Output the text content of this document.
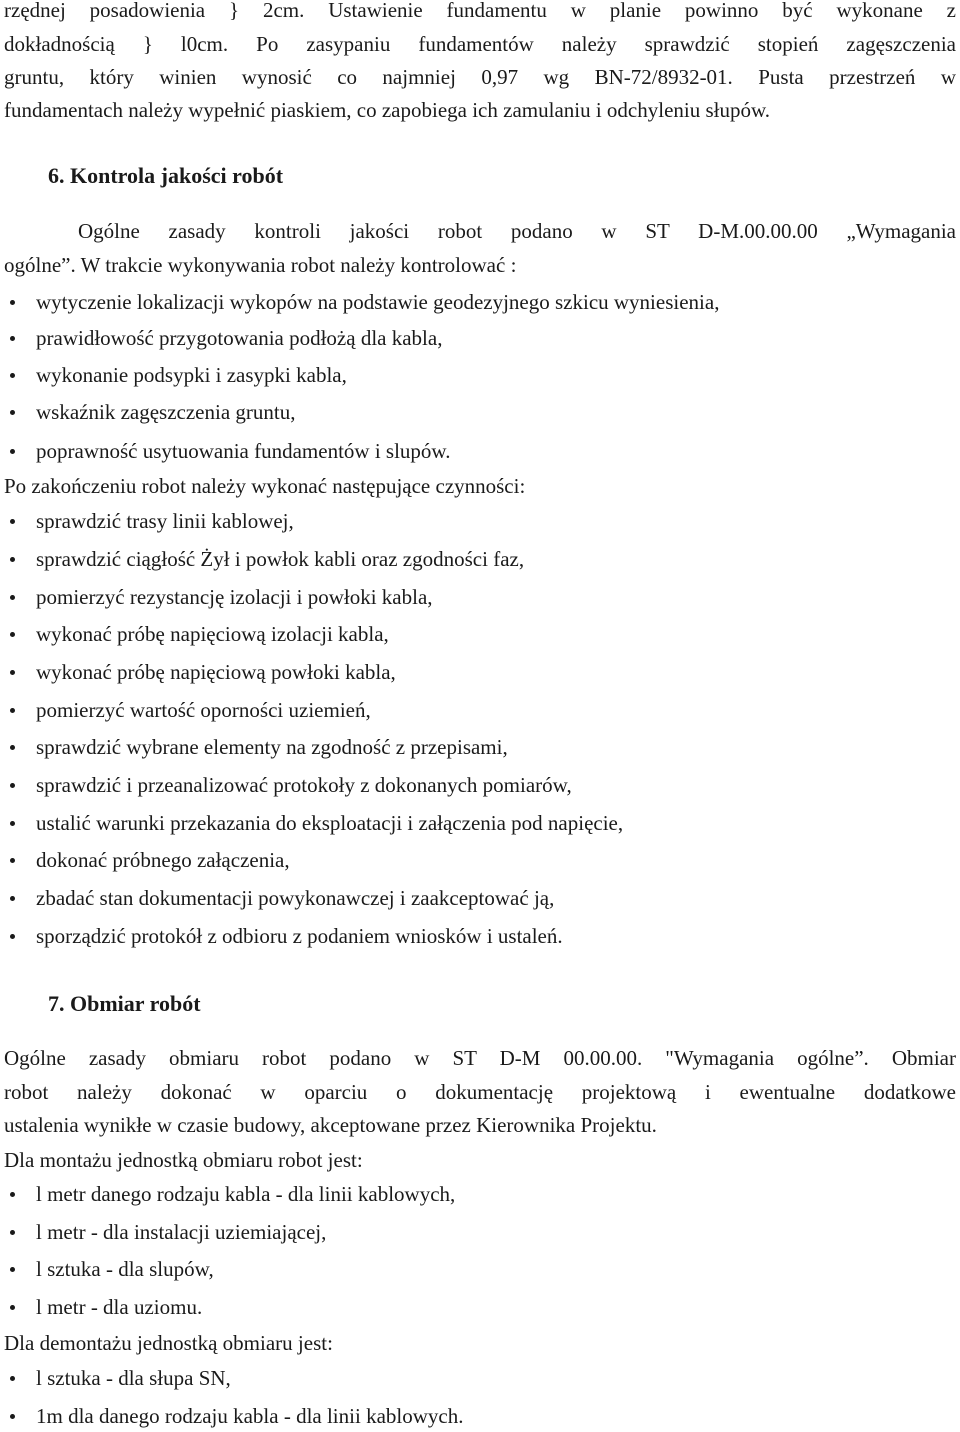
rzędnej posadowienia } 2cm. Ustawienie fundamentu w planie powinno być wykonane z
dokładnością } l0cm. Po zasypaniu fundamentów należy sprawdzić stopień zagęszczenia
gruntu, który winien wynosić co najmniej 0,97 wg BN-72/8932-01. Pusta przestrzeń w
fundamentach należy wypełnić piaskiem, co zapobiega ich zamulaniu i odchyleniu słupów.
6. Kontrola jakości robót
Ogólne zasady kontroli jakości robot podano w ST D-M.00.00.00 „Wymagania
ogólne”. W trakcie wykonywania robot należy kontrolować :
wytyczenie lokalizacji wykopów na podstawie geodezyjnego szkicu wyniesienia,
prawidłowość przygotowania podłożą dla kabla,
wykonanie podsypki i zasypki kabla,
wskaźnik zagęszczenia gruntu,
poprawność usytuowania fundamentów i slupów.
Po zakończeniu robot należy wykonać następujące czynności:
sprawdzić trasy linii kablowej,
sprawdzić ciągłość Żył i powłok kabli oraz zgodności faz,
pomierzyć rezystancję izolacji i powłoki kabla,
wykonać próbę napięciową izolacji kabla,
wykonać próbę napięciową powłoki kabla,
pomierzyć wartość oporności uziemień,
sprawdzić wybrane elementy na zgodność z przepisami,
sprawdzić i przeanalizować protokoły z dokonanych pomiarów,
ustalić warunki przekazania do eksploatacji i załączenia pod napięcie,
dokonać próbnego załączenia,
zbadać stan dokumentacji powykonawczej i zaakceptować ją,
sporządzić protokół z odbioru z podaniem wniosków i ustaleń.
7. Obmiar robót
Ogólne zasady obmiaru robot podano w ST D-M 00.00.00. "Wymagania ogólne”. Obmiar
robot należy dokonać w oparciu o dokumentację projektową i ewentualne dodatkowe
ustalenia wynikłe w czasie budowy, akceptowane przez Kierownika Projektu.
Dla montażu jednostką obmiaru robot jest:
l metr danego rodzaju kabla - dla linii kablowych,
l metr - dla instalacji uziemiającej,
l sztuka - dla slupów,
l metr - dla uziomu.
Dla demontażu jednostką obmiaru jest:
l sztuka - dla słupa SN,
1m dla danego rodzaju kabla - dla linii kablowych.
